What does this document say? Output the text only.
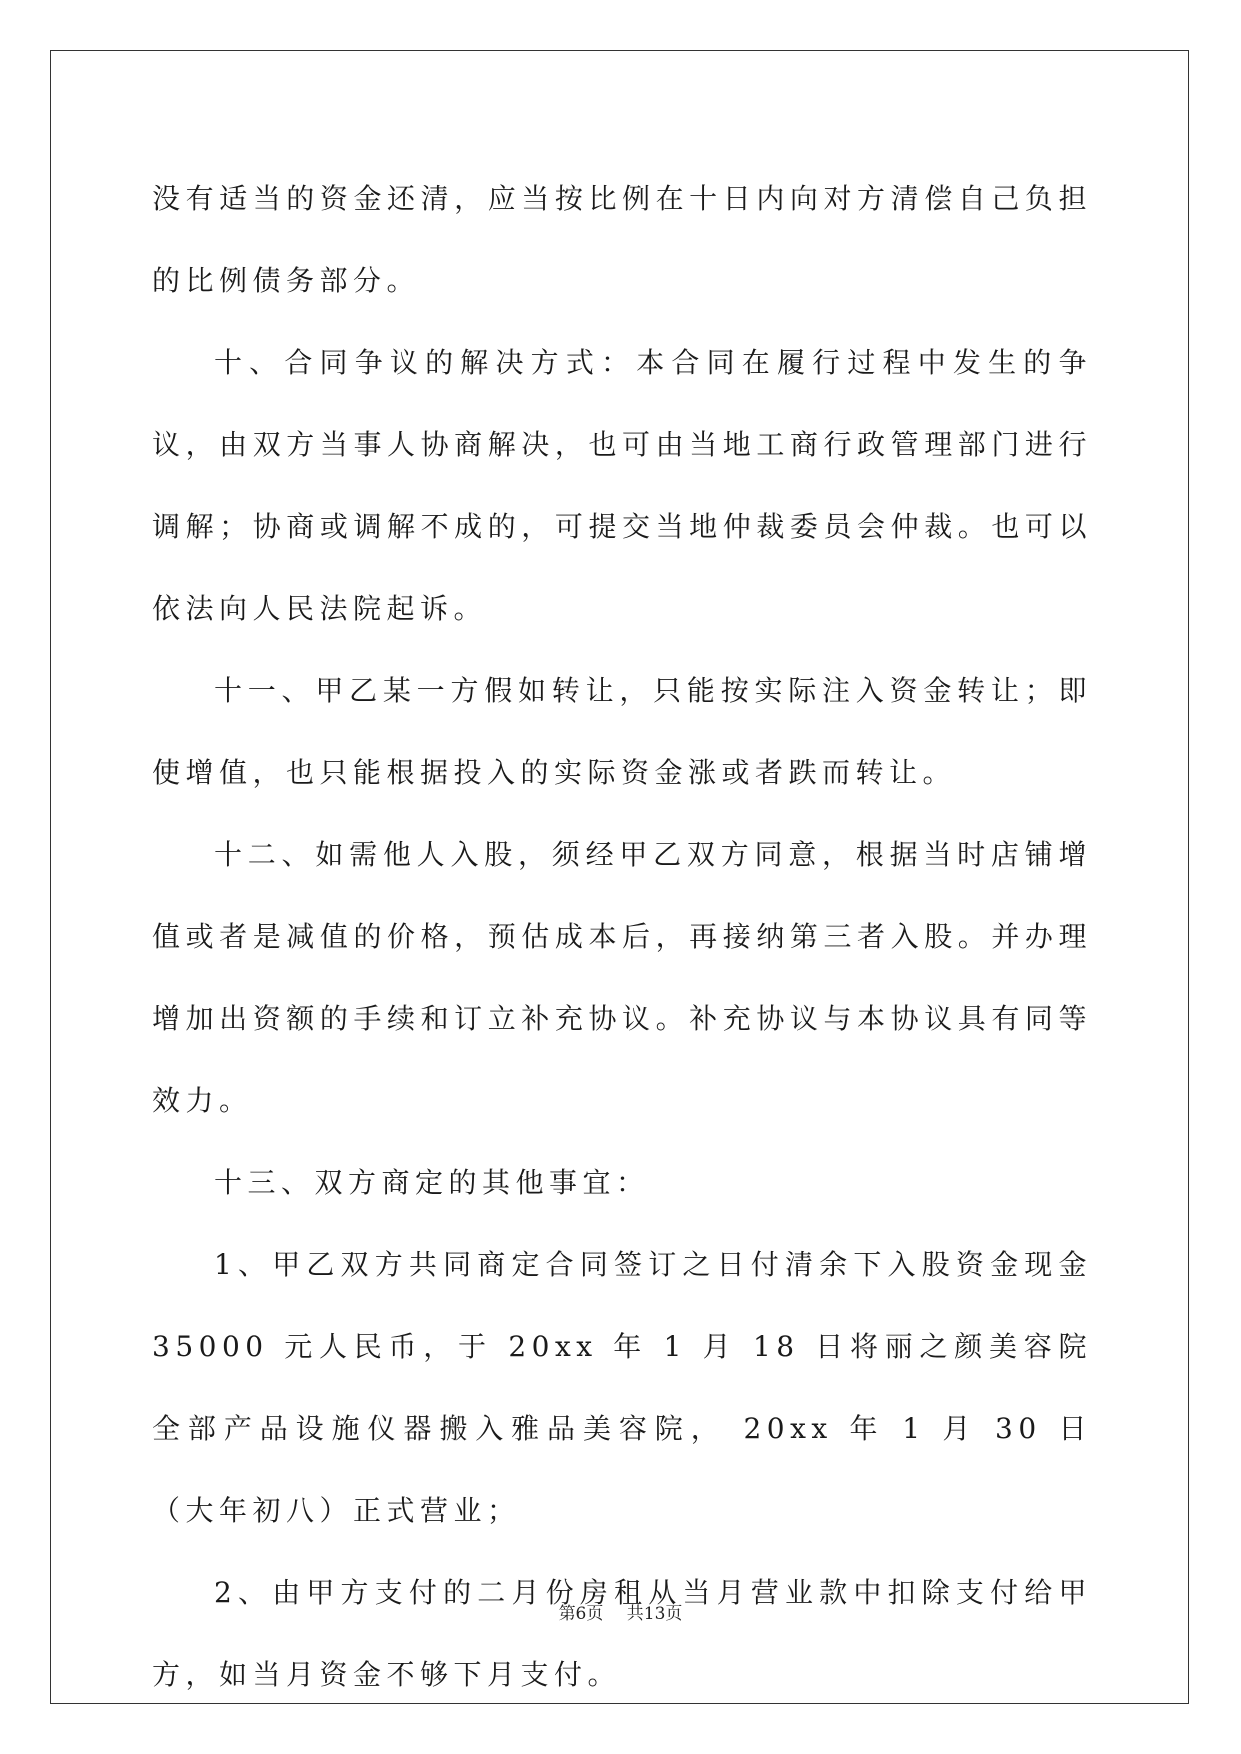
没有适当的资金还清，应当按比例在十日内向对方清偿自己负担的比例债务部分。

十、合同争议的解决方式：本合同在履行过程中发生的争议，由双方当事人协商解决，也可由当地工商行政管理部门进行调解；协商或调解不成的，可提交当地仲裁委员会仲裁。也可以依法向人民法院起诉。

十一、甲乙某一方假如转让，只能按实际注入资金转让；即使增值，也只能根据投入的实际资金涨或者跌而转让。

十二、如需他人入股，须经甲乙双方同意，根据当时店铺增值或者是减值的价格，预估成本后，再接纳第三者入股。并办理增加出资额的手续和订立补充协议。补充协议与本协议具有同等效力。

十三、双方商定的其他事宜：

1、甲乙双方共同商定合同签订之日付清余下入股资金现金 35000 元人民币，于 20xx 年 1 月 18 日将丽之颜美容院全部产品设施仪器搬入雅品美容院， 20xx 年 1 月 30 日（大年初八）正式营业；

2、由甲方支付的二月份房租从当月营业款中扣除支付给甲方，如当月资金不够下月支付。

第6页 共13页
